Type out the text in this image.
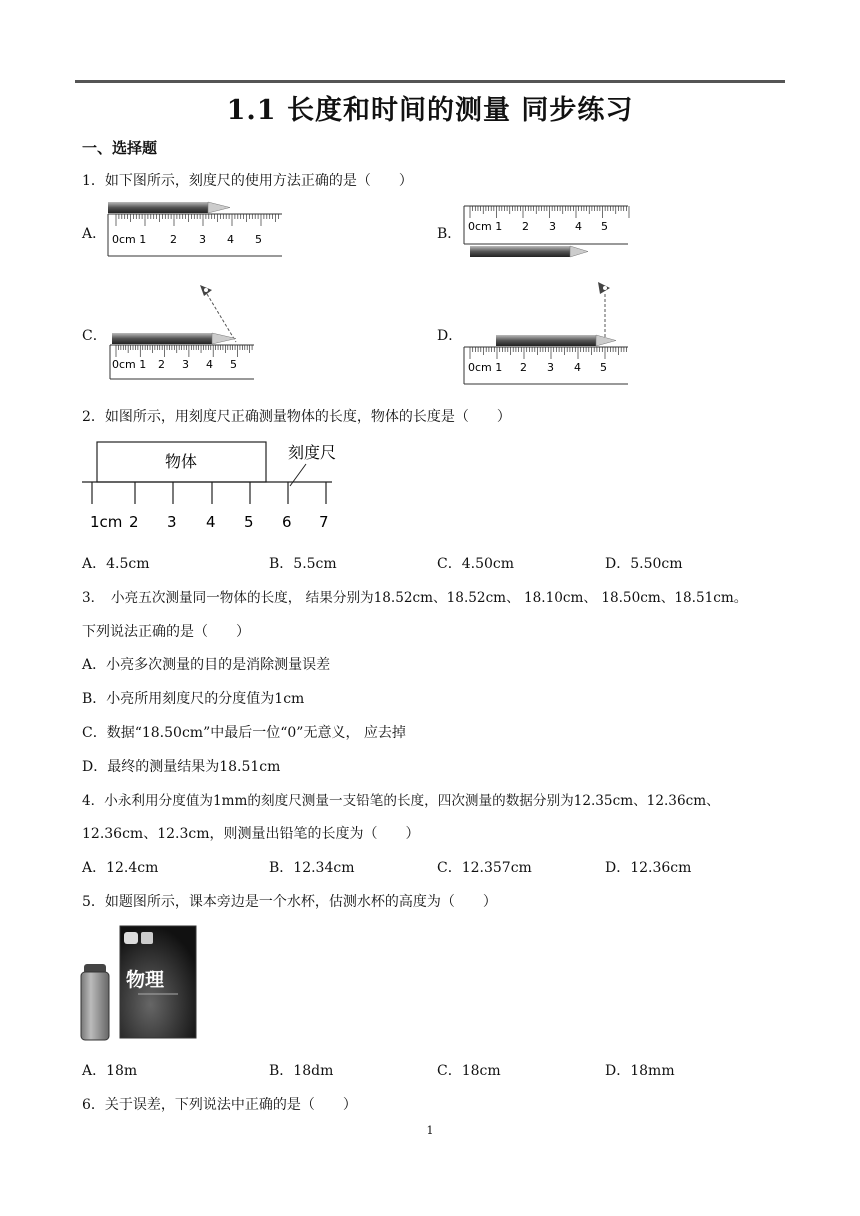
1.1 长度和时间的测量 同步练习
一、选择题
1．如下图所示，刻度尺的使用方法正确的是（　　）
A．	B．
C．	D．
0cm 1 2 3 4 5
0cm 1 2 3 4 5
0cm 1 2 3 4 5	0cm 1 2 3 4 5
2．如图所示，用刻度尺正确测量物体的长度，物体的长度是（　　）
物体	刻度尺
1cm 2 3 4 5 6 7
A．4.5cm	B．5.5cm	C．4.50cm	D．5.50cm
3．　小亮五次测量同一物体的长度， 结果分别为18.52cm、18.52cm、 18.10cm、 18.50cm、18.51cm。
下列说法正确的是（　　）
A．小亮多次测量的目的是消除测量误差
B．小亮所用刻度尺的分度值为1cm
C．数据“18.50cm”中最后一位“0”无意义， 应去掉
D．最终的测量结果为18.51cm
4．小永利用分度值为1mm的刻度尺测量一支铅笔的长度，四次测量的数据分别为12.35cm、12.36cm、
12.36cm、12.3cm，则测量出铅笔的长度为（　　）
A．12.4cm	B．12.34cm	C．12.357cm	D．12.36cm
5．如题图所示，课本旁边是一个水杯，估测水杯的高度为（　　）
物理
A．18m	B．18dm	C．18cm	D．18mm
6．关于误差，下列说法中正确的是（　　）
1
